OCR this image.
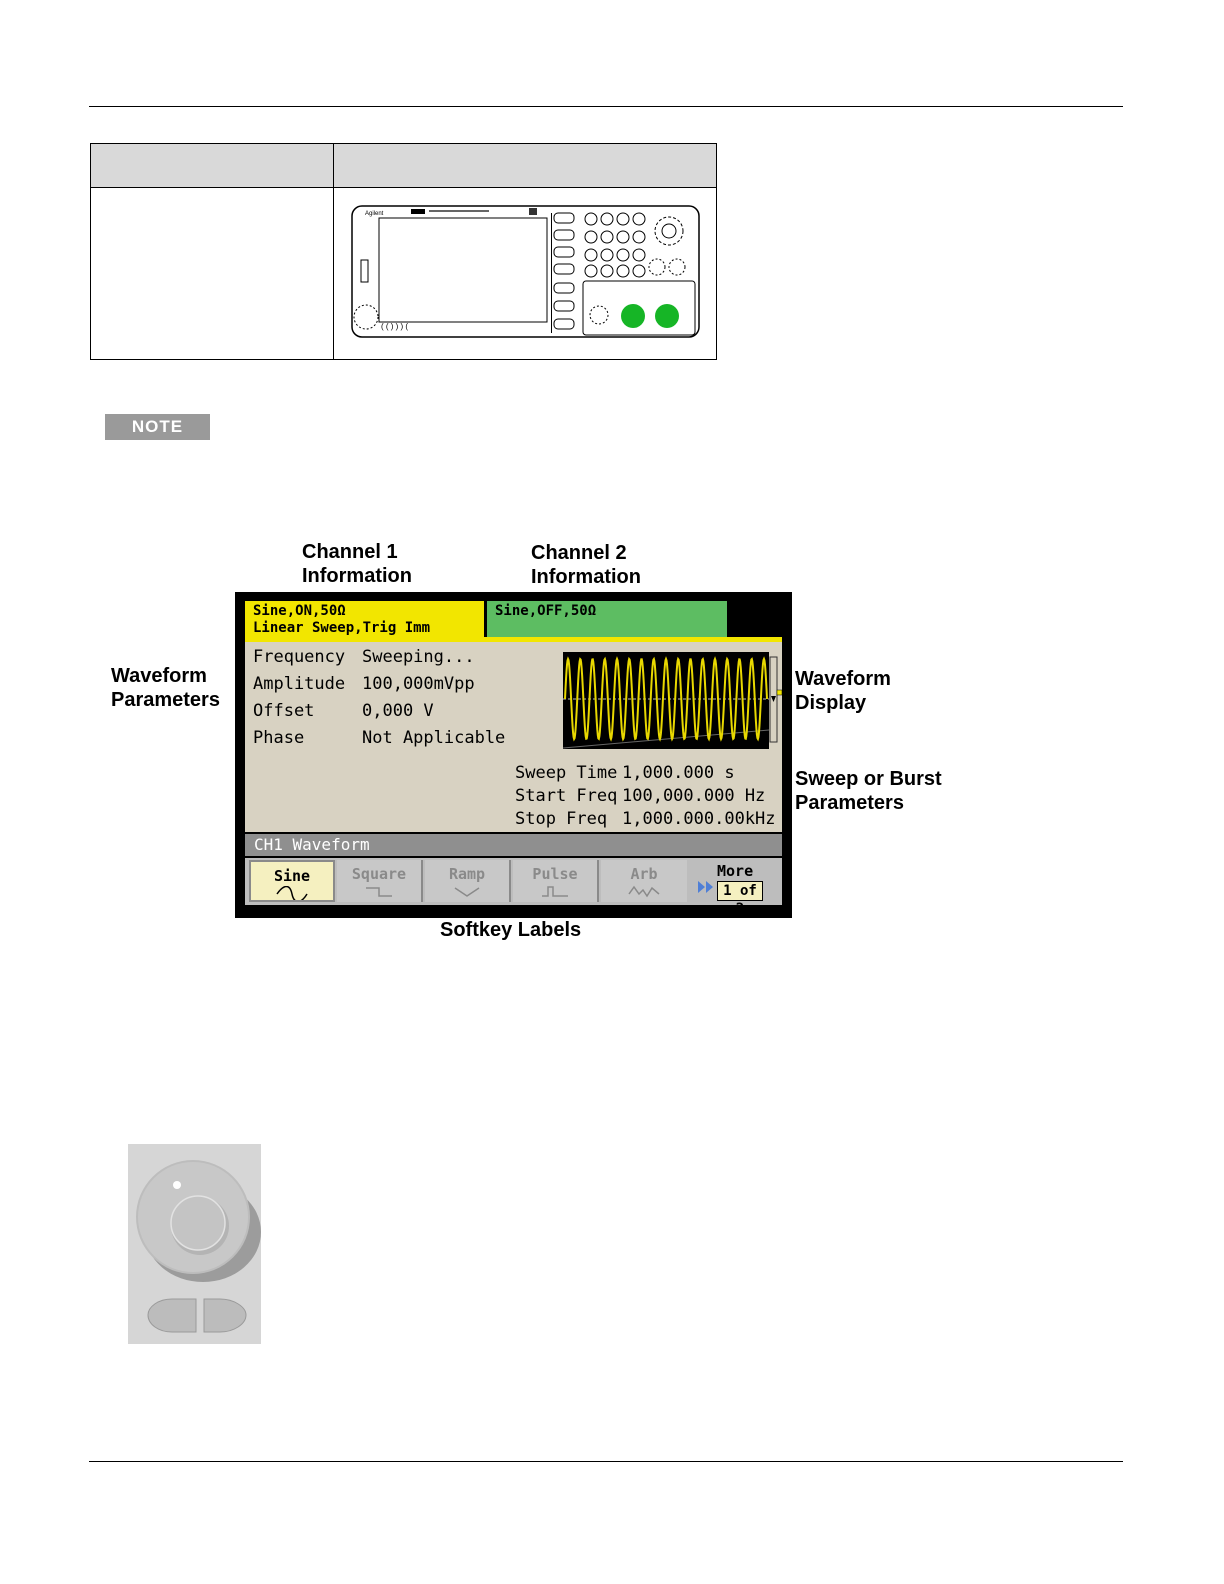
Agilent
( ( ) ) ) (
NOTE

Channel 1
Information

Channel 2
Information

Waveform
Parameters

Waveform
Display

Sweep or Burst
Parameters

Softkey Labels

Sine,ON,50Ω
Linear Sweep,Trig Imm
Sine,OFF,50Ω
Frequency Sweeping...
Amplitude 100,000mVpp
Offset	0,000 V
Phase	Not Applicable
Sweep Time 1,000.000 s
Start Freq 100,000.000 Hz
Stop Freq 1,000.000.00kHz
CH1 Waveform
Sine	Square	Ramp	Pulse	Arb	More
1 of 2
